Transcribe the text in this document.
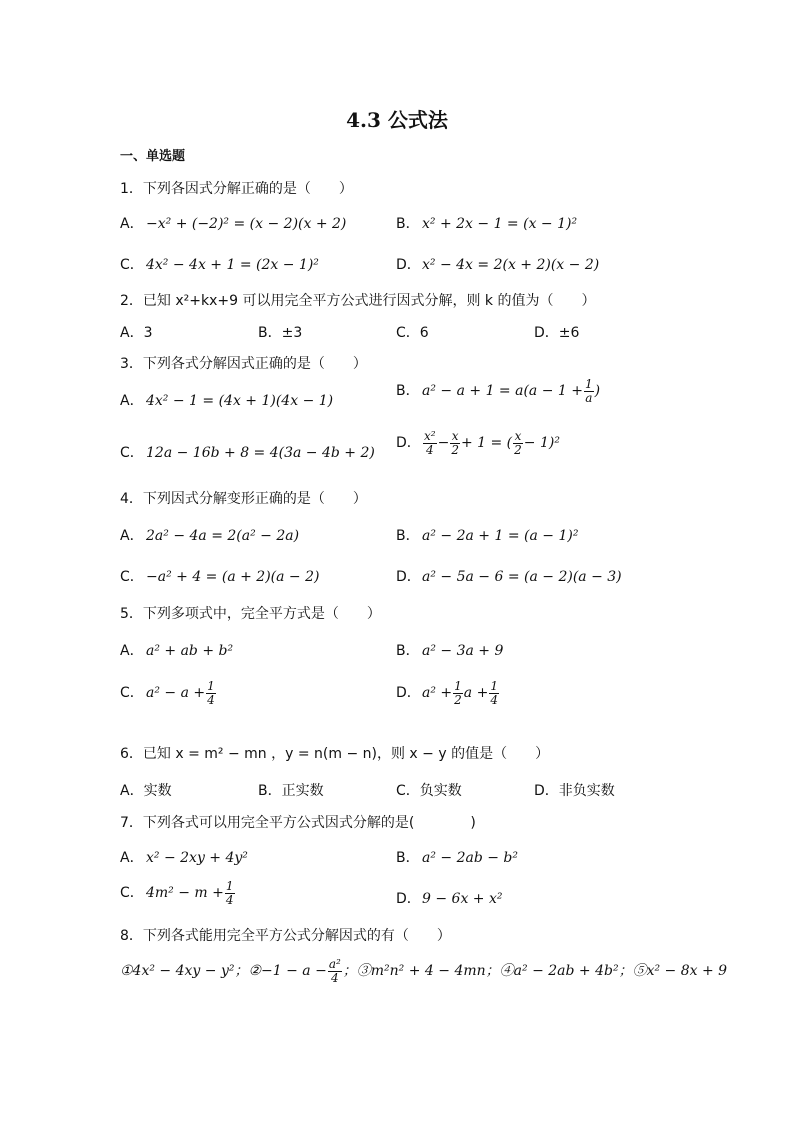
4.3 公式法
一、单选题
1．下列各因式分解正确的是（　　）
A． −x² + (−2)² = (x − 2)(x + 2)	B． x² + 2x − 1 = (x − 1)²
C． 4x² − 4x + 1 = (2x − 1)²	D．x² − 4x = 2(x + 2)(x − 2)
2．已知 x²+kx+9 可以用完全平方公式进行因式分解，则 k 的值为（　　）
A．3	B．±3	C．6	D．±6
3．下列各式分解因式正确的是（　　）
A． 4x² − 1 = (4x + 1)(4x − 1)
B． $a^2 - a + 1 = a(a - 1 + \frac{1}{a}$ )
C． 12a − 16b + 8 = 4(3a − 4b + 2)
D． $\frac{\text{x²}}{4} - \frac{x}{2} + 1$ = ( $\frac{x}{2} - 1)^2$
4．下列因式分解变形正确的是（　　）
A． 2a² − 4a = 2(a² − 2a)	B． a² − 2a + 1 = (a − 1)²
C． −a² + 4 = (a + 2)(a − 2)	D．a² − 5a − 6 = (a − 2)(a − 3)
5．下列多项式中，完全平方式是（　　）
A． a² + ab + b²	B． a² − 3a + 9
C． $a^2 - a + \frac{1}{4}$	D．$a^2 + \frac{1}{2}$ $a + \frac{1}{4}$
6．已知 x = m² − mn ，y = n(m − n)，则 x − y 的值是（　　）
A．实数	B．正实数	C．负实数	D．非负实数
7．下列各式可以用完全平方公式因式分解的是(　　　　)
A． x² − 2xy + 4y²	B． a² − 2ab − b²
C． $4m^2 - m + \frac{1}{4}$	D．9 − 6x + x²
8．下列各式能用完全平方公式分解因式的有（　　）
①4x² − 4xy − y²；②−1 − $a - \frac{\text{a²}}{4}$ ；③m²n² + 4 − 4mn；④a² − 2ab + 4b²；⑤x² − 8x + 9
